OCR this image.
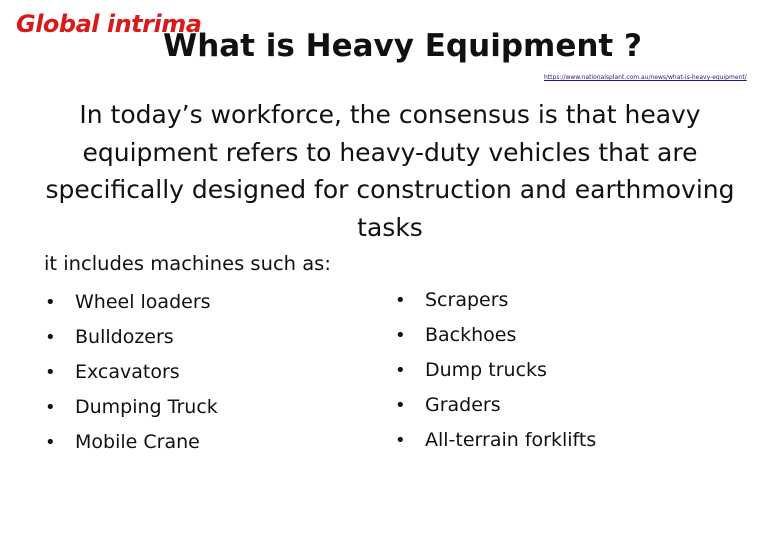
Global intrima
What is Heavy Equipment ?
https://www.nationalsplant.com.au/news/what-is-heavy-equipment/
In today’s workforce, the consensus is that heavy equipment refers to heavy-duty vehicles that are specifically designed for construction and earthmoving tasks
it includes machines such as:
• Wheel loaders
• Bulldozers
• Excavators
• Dumping Truck
• Mobile Crane
• Scrapers
• Backhoes
• Dump trucks
• Graders
• All-terrain forklifts
